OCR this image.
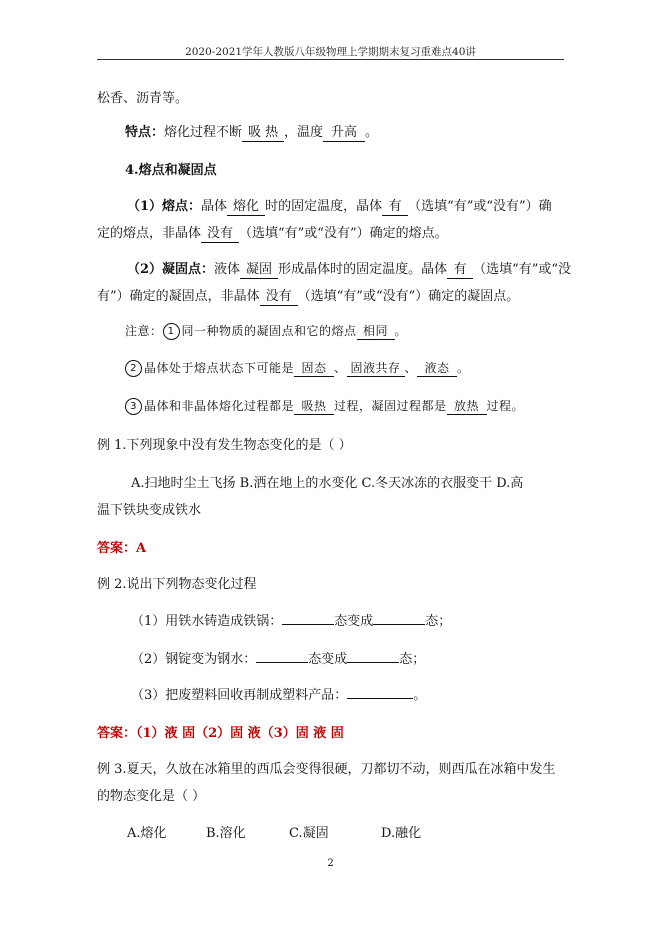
2020-2021学年人教版八年级物理上学期期末复习重难点40讲
松香、沥青等。
特点：熔化过程不断 吸 热 ，温度 升高 。
4.熔点和凝固点
（1）熔点：晶体 熔化 时的固定温度，晶体 有 （选填“有”或“没有”）确
定的熔点，非晶体 没有 （选填“有”或“没有”）确定的熔点。
（2）凝固点：液体 凝固 形成晶体时的固定温度。晶体 有 （选填“有”或“没
有”）确定的凝固点，非晶体 没有 （选填“有”或“没有”）确定的凝固点。
注意： 1 同一种物质的凝固点和它的熔点 相同 。
2 晶体处于熔点状态下可能是 固态 、 固液共存 、 液态 。
3 晶体和非晶体熔化过程都是 吸热 过程，凝固过程都是 放热 过程。
例 1.下列现象中没有发生物态变化的是（ ）
A.扫地时尘土飞扬 B.洒在地上的水变化 C.冬天冰冻的衣服变干 D.高
温下铁块变成铁水
答案：A
例 2.说出下列物态变化过程
（1）用铁水铸造成铁锅：	态变成	态；
（2）钢锭变为钢水：	态变成	态；
（3）把废塑料回收再制成塑料产品：	。
答案：（1）液 固（2）固 液（3）固 液 固
例 3.夏天，久放在冰箱里的西瓜会变得很硬，刀都切不动，则西瓜在冰箱中发生
的物态变化是（ ）
A.熔化	B.溶化	C.凝固	D.融化
2
